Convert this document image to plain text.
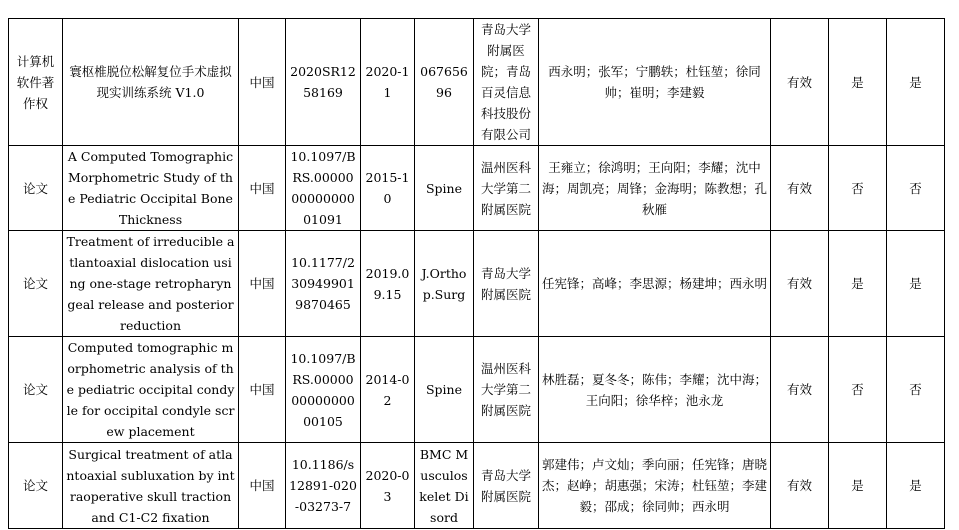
计算机软件著作权	寰枢椎脱位松解复位手术虚拟现实训练系统 V1.0	中国	2020SR1258169	2020-11	06765696	青岛大学附属医院；青岛百灵信息科技股份有限公司	西永明；张军；宁鹏轶；杜钰堃；徐同帅；崔明；李建毅	有效	是	是
论文	A Computed Tomographic Morphometric Study of the Pediatric Occipital Bone Thickness	中国	10.1097/BRS.000000000000001091	2015-10	Spine	温州医科大学第二附属医院	王雍立；徐鸿明；王向阳；李耀；沈中海；周凯亮；周锋；金海明；陈教想；孔秋雁	有效	否	否
论文	Treatment of irreducible atlantoaxial dislocation using one-stage retropharyngeal release and posterior reduction	中国	10.1177/2309499019870465	2019.09.15	J.Orthop.Surg	青岛大学附属医院	任宪锋；高峰；李思源；杨建坤；西永明	有效	是	是
论文	Computed tomographic morphometric analysis of the pediatric occipital condyle for occipital condyle screw placement	中国	10.1097/BRS.000000000000000105	2014-02	Spine	温州医科大学第二附属医院	林胜磊；夏冬冬；陈伟；李耀；沈中海；王向阳；徐华梓；池永龙	有效	否	否
论文	Surgical treatment of atlantoaxial subluxation by intraoperative skull traction and C1-C2 fixation	中国	10.1186/s12891-020-03273-7	2020-03	BMC Musculoskelet Disord	青岛大学附属医院	郭建伟；卢文灿；季向丽；任宪锋；唐晓杰；赵峥；胡惠强；宋涛；杜钰堃；李建毅；邵成；徐同帅；西永明	有效	是	是
